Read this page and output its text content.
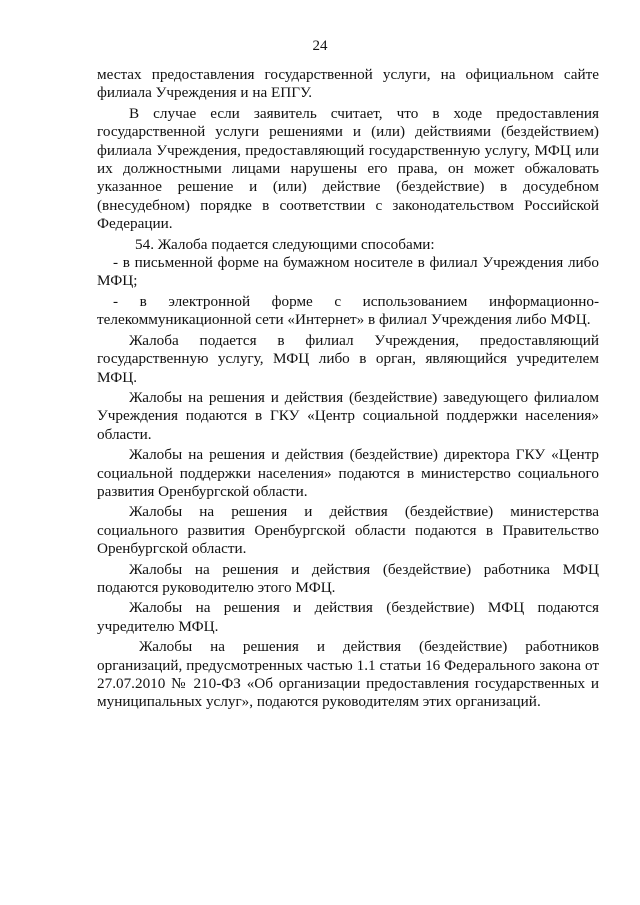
24

местах предоставления государственной услуги, на официальном сайте филиала Учреждения и на ЕПГУ.

В случае если заявитель считает, что в ходе предоставления государственной услуги решениями и (или) действиями (бездействием) филиала Учреждения, предоставляющий государственную услугу, МФЦ или их должностными лицами нарушены его права, он может обжаловать указанное решение и (или) действие (бездействие) в досудебном (внесудебном) порядке в соответствии с законодательством Российской Федерации.

54. Жалоба подается следующими способами:

- в письменной форме на бумажном носителе в филиал Учреждения либо МФЦ;

- в электронной форме с использованием информационно-телекоммуникационной сети «Интернет» в филиал Учреждения либо МФЦ.

Жалоба подается в филиал Учреждения, предоставляющий государственную услугу, МФЦ либо в орган, являющийся учредителем МФЦ.

Жалобы на решения и действия (бездействие) заведующего филиалом Учреждения подаются в ГКУ «Центр социальной поддержки населения» области.

Жалобы на решения и действия (бездействие) директора ГКУ «Центр социальной поддержки населения» подаются в министерство социального развития Оренбургской области.

Жалобы на решения и действия (бездействие) министерства социального развития Оренбургской области подаются в Правительство Оренбургской области.

Жалобы на решения и действия (бездействие) работника МФЦ подаются руководителю этого МФЦ.

Жалобы на решения и действия (бездействие) МФЦ подаются учредителю МФЦ.

Жалобы на решения и действия (бездействие) работников организаций, предусмотренных частью 1.1 статьи 16 Федерального закона от 27.07.2010 № 210-ФЗ «Об организации предоставления государственных и муниципальных услуг», подаются руководителям этих организаций.
